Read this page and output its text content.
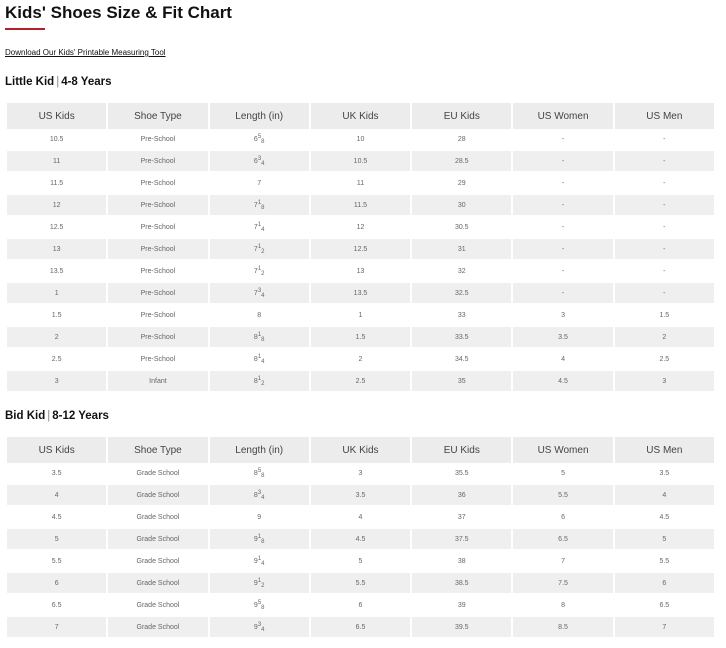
Kids' Shoes Size & Fit Chart
Download Our Kids' Printable Measuring Tool
Little Kid | 4-8 Years
US Kids	Shoe Type	Length (in)	UK Kids	EU Kids	US Women	US Men
10.5	Pre-School	$6^5_8$	10	28	-	-

11	Pre-School	$6^3_4$	10.5	28.5	-	-

11.5	Pre-School	7	11	29	-	-

12	Pre-School	$7^1_8$	11.5	30	-	-

12.5	Pre-School	$7^1_4$	12	30.5	-	-

13	Pre-School	$7^1_2$	12.5	31	-	-

13.5	Pre-School	$7^1_2$	13	32	-	-

1	Pre-School	$7^3_4$	13.5	32.5	-	-

1.5	Pre-School	8	1	33	3	1.5

2	Pre-School	$8^1_8$	1.5	33.5	3.5	2

2.5	Pre-School	$8^1_4$	2	34.5	4	2.5

3	Infant	$8^1_2$	2.5	35	4.5	3
Bid Kid | 8-12 Years
US Kids	Shoe Type	Length (in)	UK Kids	EU Kids	US Women	US Men
3.5	Grade School	$8^5_8$	3	35.5	5	3.5

4	Grade School	$8^3_4$	3.5	36	5.5	4

4.5	Grade School	9	4	37	6	4.5

5	Grade School	$9^1_8$	4.5	37.5	6.5	5

5.5	Grade School	$9^1_4$	5	38	7	5.5

6	Grade School	$9^1_2$	5.5	38.5	7.5	6

6.5	Grade School	$9^5_8$	6	39	8	6.5

7	Grade School	$9^3_4$	6.5	39.5	8.5	7
